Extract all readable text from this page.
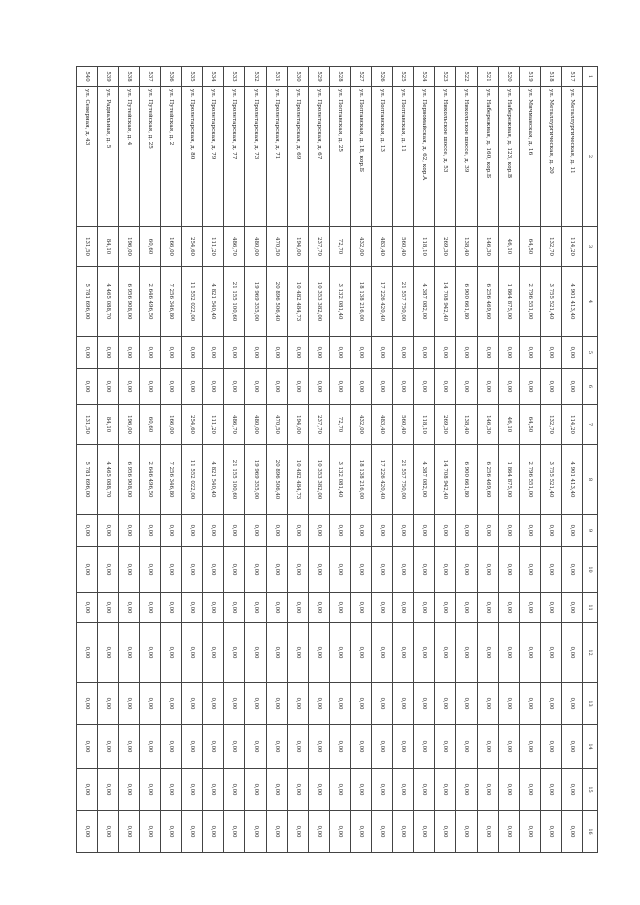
1	2	3	4	5	6	7	8	9	10	11	12	13	14	15	16
517	ул. Металлургическая, д. 11	114,20	4 901 413,40	0,00	0,00	114,20	4 901 413,40	0,00	0,00	0,00	0,00	0,00	0,00	0,00	0,00
518	ул. Металлургическая, д. 20	132,70	3 755 521,40	0,00	0,00	132,70	3 755 521,40	0,00	0,00	0,00	0,00	0,00	0,00	0,00	0,00
519	ул. Мичманская, д. 16	64,50	2 796 551,00	0,00	0,00	64,50	2 796 551,00	0,00	0,00	0,00	0,00	0,00	0,00	0,00	0,00
520	ул. Набережная, д. 123, кор.В	46,10	1 864 875,00	0,00	0,00	46,10	1 864 875,00	0,00	0,00	0,00	0,00	0,00	0,00	0,00	0,00
521	ул. Набережная, д. 160, кор.Б	146,30	6 256 469,60	0,00	0,00	146,30	6 256 469,60	0,00	0,00	0,00	0,00	0,00	0,00	0,00	0,00
522	ул. Никольское шоссе, д. 39	138,40	6 900 661,80	0,00	0,00	138,40	6 900 661,80	0,00	0,00	0,00	0,00	0,00	0,00	0,00	0,00
523	ул. Никольское шоссе, д. 53	269,30	14 708 942,40	0,00	0,00	269,30	14 708 942,40	0,00	0,00	0,00	0,00	0,00	0,00	0,00	0,00
524	ул. Первомайская, д. 62, кор.А	118,10	4 387 082,00	0,00	0,00	118,10	4 387 082,00	0,00	0,00	0,00	0,00	0,00	0,00	0,00	0,00
525	ул. Полтавская, д. 11	560,40	21 557 750,00	0,00	0,00	560,40	21 557 750,00	0,00	0,00	0,00	0,00	0,00	0,00	0,00	0,00
526	ул. Полтавская, д. 13	483,40	17 226 420,40	0,00	0,00	483,40	17 226 420,40	0,00	0,00	0,00	0,00	0,00	0,00	0,00	0,00
527	ул. Полтавская, д. 18, кор.Б	432,00	18 138 216,00	0,00	0,00	432,00	18 138 216,00	0,00	0,00	0,00	0,00	0,00	0,00	0,00	0,00
528	ул. Полтавская, д. 25	72,70	3 132 081,40	0,00	0,00	72,70	3 132 081,40	0,00	0,00	0,00	0,00	0,00	0,00	0,00	0,00
529	ул. Пролетарская, д. 67	237,70	10 353 382,00	0,00	0,00	237,70	10 353 382,00	0,00	0,00	0,00	0,00	0,00	0,00	0,00	0,00
530	ул. Пролетарская, д. 69	194,00	10 482 484,73	0,00	0,00	194,00	10 482 484,73	0,00	0,00	0,00	0,00	0,00	0,00	0,00	0,00
531	ул. Пролетарская, д. 71	470,50	20 896 506,40	0,00	0,00	470,50	20 896 506,40	0,00	0,00	0,00	0,00	0,00	0,00	0,00	0,00
532	ул. Пролетарская, д. 73	480,00	19 969 355,00	0,00	0,00	480,00	19 969 355,00	0,00	0,00	0,00	0,00	0,00	0,00	0,00	0,00
533	ул. Пролетарская, д. 77	486,70	21 155 100,60	0,00	0,00	486,70	21 155 100,60	0,00	0,00	0,00	0,00	0,00	0,00	0,00	0,00
534	ул. Пролетарская, д. 79	111,20	4 821 540,40	0,00	0,00	111,20	4 821 540,40	0,00	0,00	0,00	0,00	0,00	0,00	0,00	0,00
535	ул. Пролетарская, д. 80	254,60	11 552 022,00	0,00	0,00	254,60	11 552 022,00	0,00	0,00	0,00	0,00	0,00	0,00	0,00	0,00
536	ул. Путейская, д. 2	166,00	7 256 346,80	0,00	0,00	166,00	7 256 346,80	0,00	0,00	0,00	0,00	0,00	0,00	0,00	0,00
537	ул. Путейская, д. 25	60,60	2 646 496,50	0,00	0,00	60,60	2 646 496,50	0,00	0,00	0,00	0,00	0,00	0,00	0,00	0,00
538	ул. Путейская, д. 4	196,00	6 956 908,00	0,00	0,00	196,00	6 956 908,00	0,00	0,00	0,00	0,00	0,00	0,00	0,00	0,00
539	ул. Радиальная, д. 5	84,10	4 465 088,70	0,00	0,00	84,10	4 465 088,70	0,00	0,00	0,00	0,00	0,00	0,00	0,00	0,00
540	ул. Северная, д. 43	131,50	5 781 696,00	0,00	0,00	131,50	5 781 696,00	0,00	0,00	0,00	0,00	0,00	0,00	0,00	0,00
